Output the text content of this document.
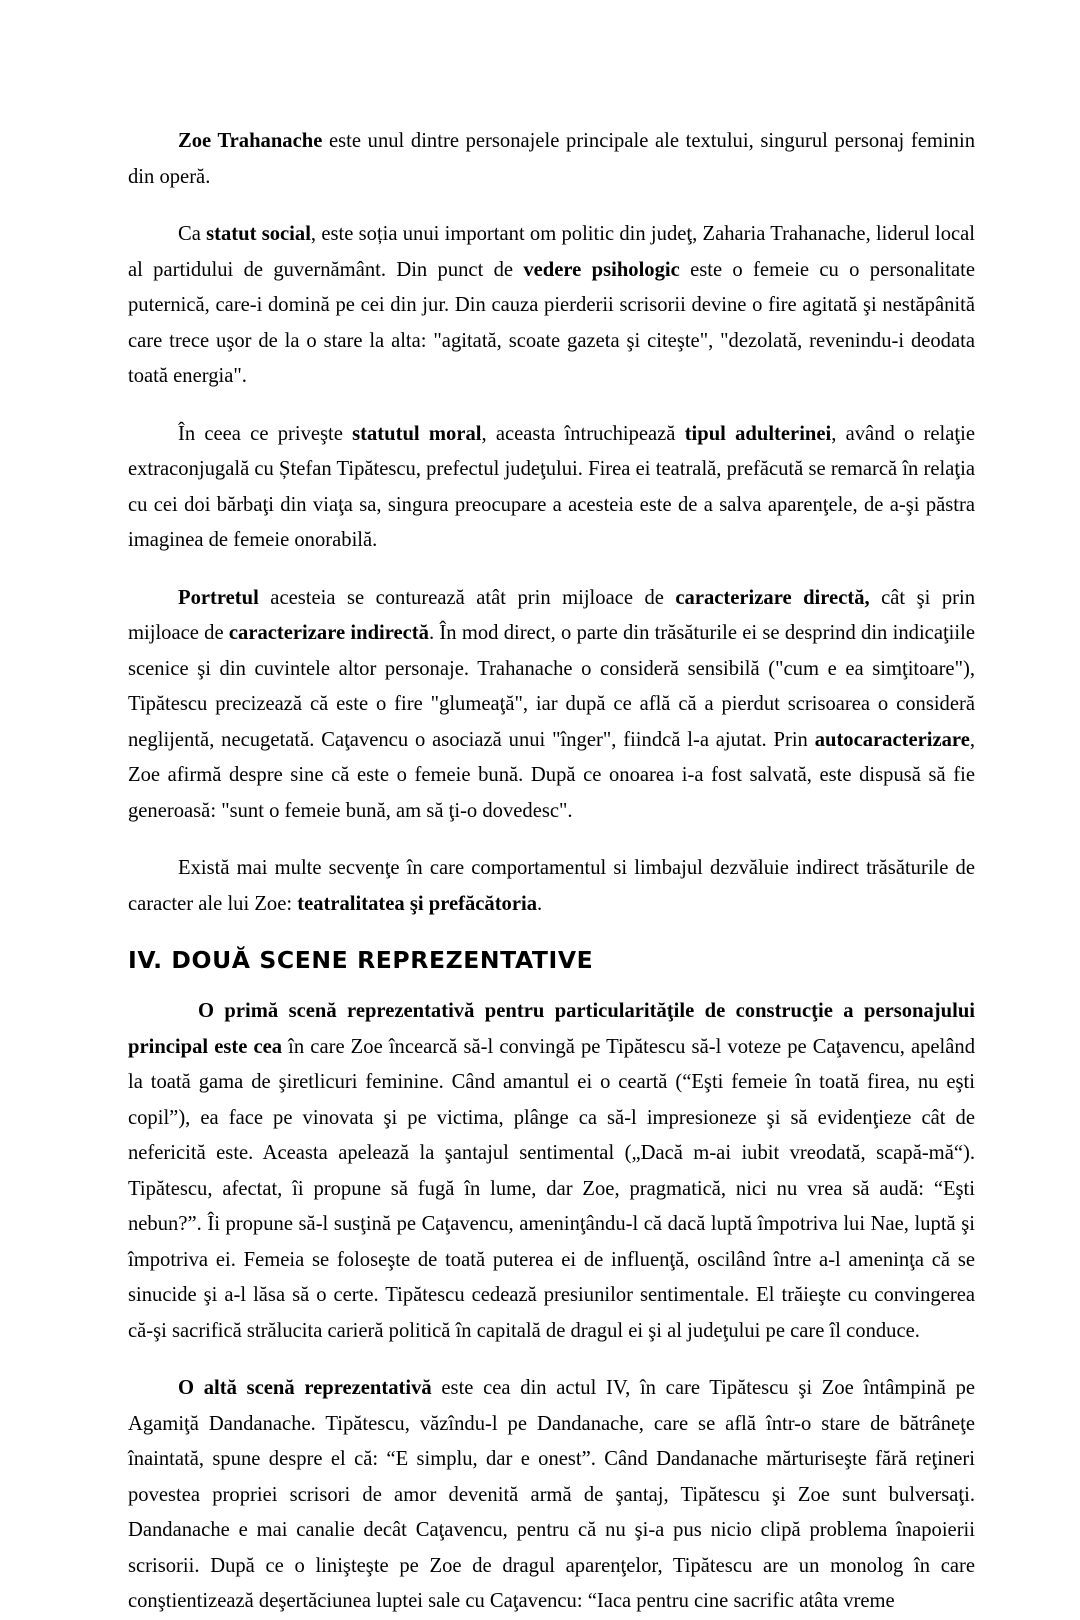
Zoe Trahanache este unul dintre personajele principale ale textului, singurul personaj feminin din operă.

Ca statut social, este soția unui important om politic din judeţ, Zaharia Trahanache, liderul local al partidului de guvernământ. Din punct de vedere psihologic este o femeie cu o personalitate puternică, care-i domină pe cei din jur. Din cauza pierderii scrisorii devine o fire agitată şi nestăpânită care trece uşor de la o stare la alta: "agitată, scoate gazeta şi citeşte", "dezolată, revenindu-i deodata toată energia".

În ceea ce priveşte statutul moral, aceasta întruchipează tipul adulterinei, având o relaţie extraconjugală cu Ștefan Tipătescu, prefectul judeţului. Firea ei teatrală, prefăcută se remarcă în relaţia cu cei doi bărbaţi din viaţa sa, singura preocupare a acesteia este de a salva aparenţele, de a-şi păstra imaginea de femeie onorabilă.

Portretul acesteia se conturează atât prin mijloace de caracterizare directă, cât şi prin mijloace de caracterizare indirectă. În mod direct, o parte din trăsăturile ei se desprind din indicaţiile scenice şi din cuvintele altor personaje. Trahanache o consideră sensibilă ("cum e ea simţitoare"), Tipătescu precizează că este o fire "glumeaţă", iar după ce află că a pierdut scrisoarea o consideră neglijentă, necugetată. Caţavencu o asociază unui "înger", fiindcă l-a ajutat. Prin autocaracterizare, Zoe afirmă despre sine că este o femeie bună. După ce onoarea i-a fost salvată, este dispusă să fie generoasă: "sunt o femeie bună, am să ţi-o dovedesc".

Există mai multe secvenţe în care comportamentul si limbajul dezvăluie indirect trăsăturile de caracter ale lui Zoe: teatralitatea şi prefăcătoria.

IV. DOUĂ SCENE REPREZENTATIVE

O primă scenă reprezentativă pentru particularităţile de construcţie a personajului principal este cea în care Zoe încearcă să-l convingă pe Tipătescu să-l voteze pe Caţavencu, apelând la toată gama de şiretlicuri feminine. Când amantul ei o ceartă (“Eşti femeie în toată firea, nu eşti copil”), ea face pe vinovata şi pe victima, plânge ca să-l impresioneze şi să evidenţieze cât de nefericită este. Aceasta apelează la şantajul sentimental („Dacă m-ai iubit vreodată, scapă-mă“). Tipătescu, afectat, îi propune să fugă în lume, dar Zoe, pragmatică, nici nu vrea să audă: “Eşti nebun?”. Îi propune să-l susţină pe Caţavencu, ameninţându-l că dacă luptă împotriva lui Nae, luptă şi împotriva ei. Femeia se foloseşte de toată puterea ei de influenţă, oscilând între a-l ameninţa că se sinucide şi a-l lăsa să o certe. Tipătescu cedează presiunilor sentimentale. El trăieşte cu convingerea că-şi sacrifică strălucita carieră politică în capitală de dragul ei şi al judeţului pe care îl conduce.

O altă scenă reprezentativă este cea din actul IV, în care Tipătescu şi Zoe întâmpină pe Agamiţă Dandanache. Tipătescu, văzîndu-l pe Dandanache, care se află într-o stare de bătrâneţe înaintată, spune despre el că: “E simplu, dar e onest”. Când Dandanache mărturiseşte fără reţineri povestea propriei scrisori de amor devenită armă de şantaj, Tipătescu şi Zoe sunt bulversaţi. Dandanache e mai canalie decât Caţavencu, pentru că nu şi-a pus nicio clipă problema înapoierii scrisorii. După ce o linişteşte pe Zoe de dragul aparenţelor, Tipătescu are un monolog în care conştientizează deşertăciunea luptei sale cu Caţavencu: “Iaca pentru cine sacrific atâta vreme
